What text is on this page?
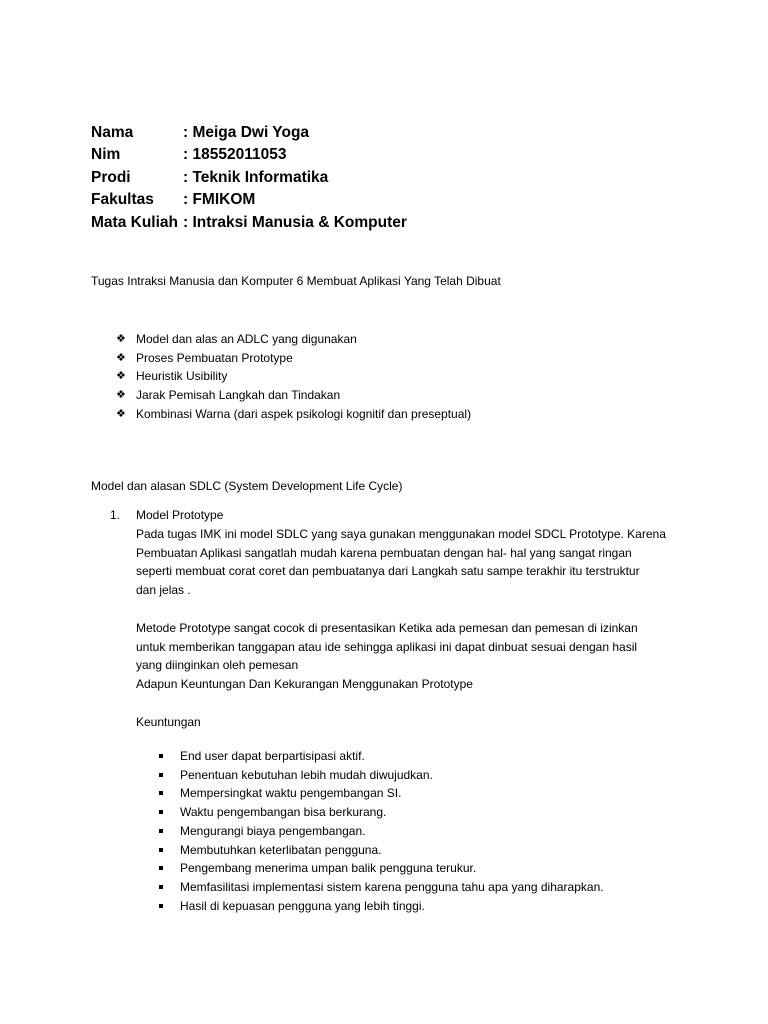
Nama	: Meiga Dwi Yoga
Nim	: 18552011053
Prodi	: Teknik Informatika
Fakultas	: FMIKOM
Mata Kuliah : Intraksi Manusia & Komputer
Tugas Intraksi Manusia dan Komputer 6 Membuat Aplikasi Yang Telah Dibuat
❖ Model dan alas an ADLC yang digunakan
❖ Proses Pembuatan Prototype
❖ Heuristik Usibility
❖ Jarak Pemisah Langkah dan Tindakan
❖ Kombinasi Warna (dari aspek psikologi kognitif dan preseptual)
Model dan alasan SDLC (System Development Life Cycle)
1. Model Prototype

Pada tugas IMK ini model SDLC yang saya gunakan menggunakan model SDCL Prototype. Karena

Pembuatan Aplikasi sangatlah mudah karena pembuatan dengan hal- hal yang sangat ringan

seperti membuat corat coret dan pembuatanya dari Langkah satu sampe terakhir itu terstruktur

dan jelas .

Metode Prototype sangat cocok di presentasikan Ketika ada pemesan dan pemesan di izinkan

untuk memberikan tanggapan atau ide sehingga aplikasi ini dapat dinbuat sesuai dengan hasil

yang diinginkan oleh pemesan

Adapun Keuntungan Dan Kekurangan Menggunakan Prototype

Keuntungan

End user dapat berpartisipasi aktif.
Penentuan kebutuhan lebih mudah diwujudkan.
Mempersingkat waktu pengembangan SI.
Waktu pengembangan bisa berkurang.
Mengurangi biaya pengembangan.
Membutuhkan keterlibatan pengguna.
Pengembang menerima umpan balik pengguna terukur.
Memfasilitasi implementasi sistem karena pengguna tahu apa yang diharapkan.
Hasil di kepuasan pengguna yang lebih tinggi.
